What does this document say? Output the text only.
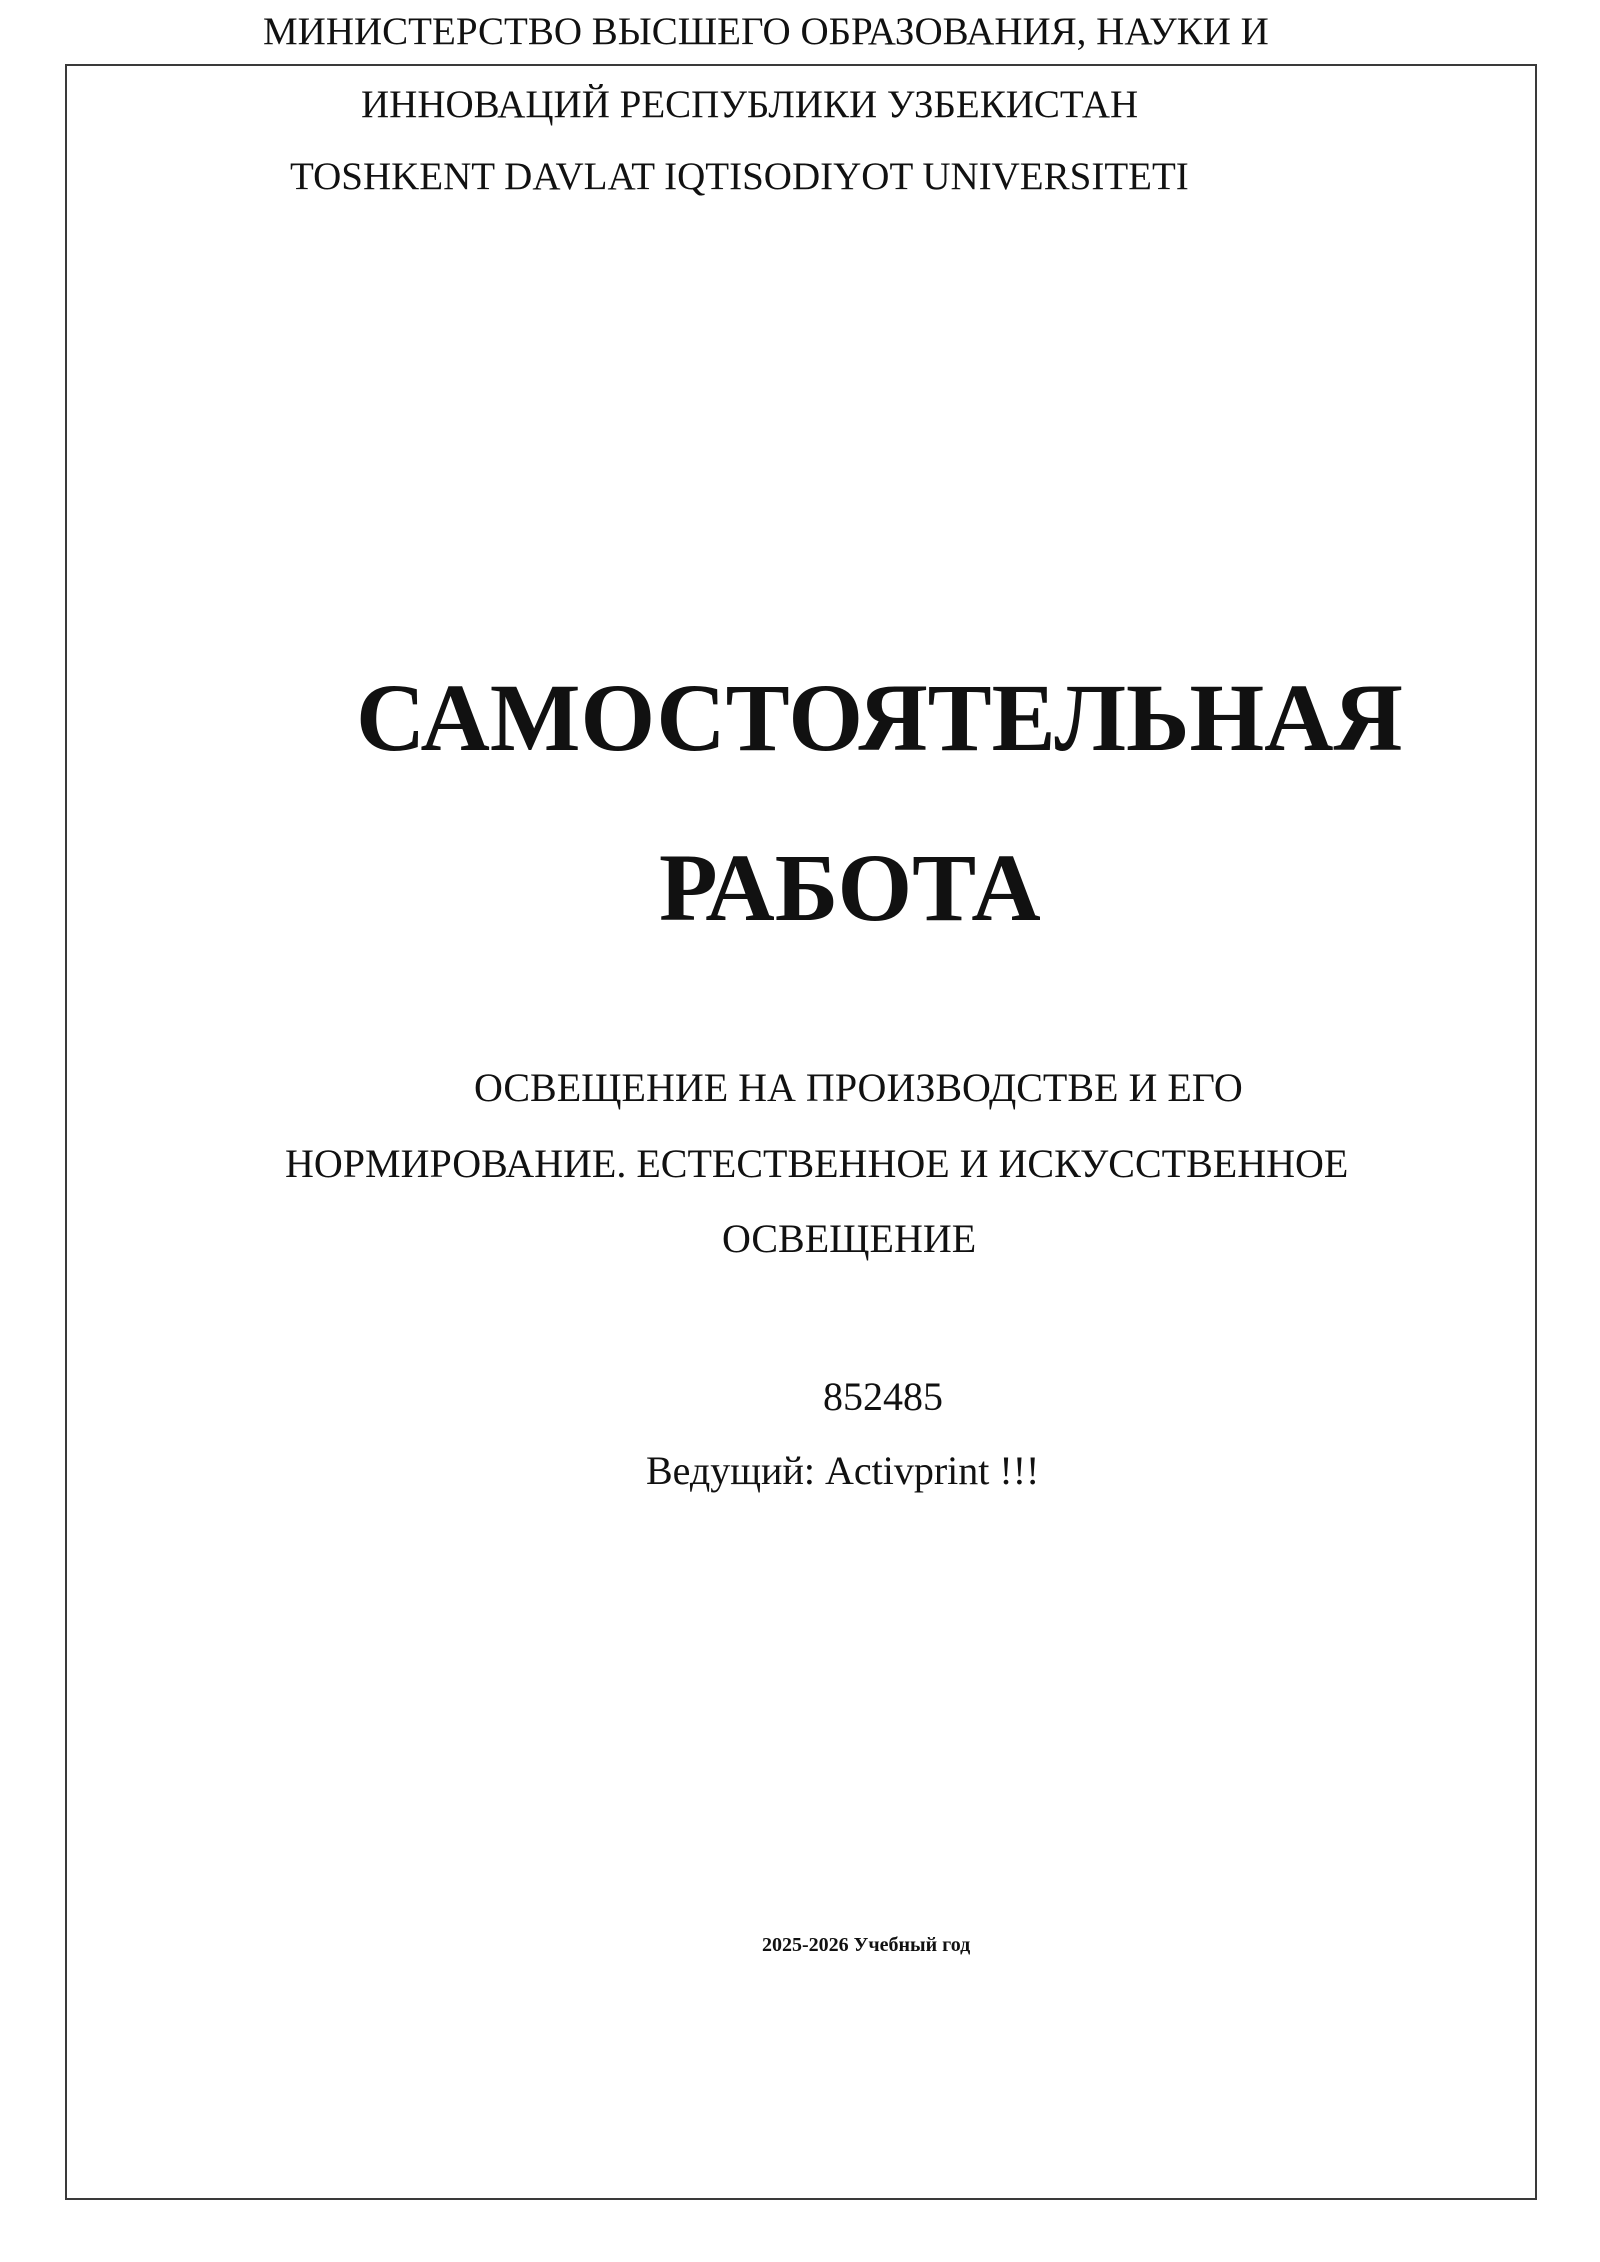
МИНИСТЕРСТВО ВЫСШЕГО ОБРАЗОВАНИЯ, НАУКИ И
ИННОВАЦИЙ РЕСПУБЛИКИ УЗБЕКИСТАН
TOSHKENT DAVLAT IQTISODIYOT UNIVERSITETI
САМОСТОЯТЕЛЬНАЯ
РАБОТА
ОСВЕЩЕНИЕ НА ПРОИЗВОДСТВЕ И ЕГО
НОРМИРОВАНИЕ. ЕСТЕСТВЕННОЕ И ИСКУССТВЕННОЕ
ОСВЕЩЕНИЕ
852485
Ведущий: Activprint !!!
2025-2026 Учебный год
